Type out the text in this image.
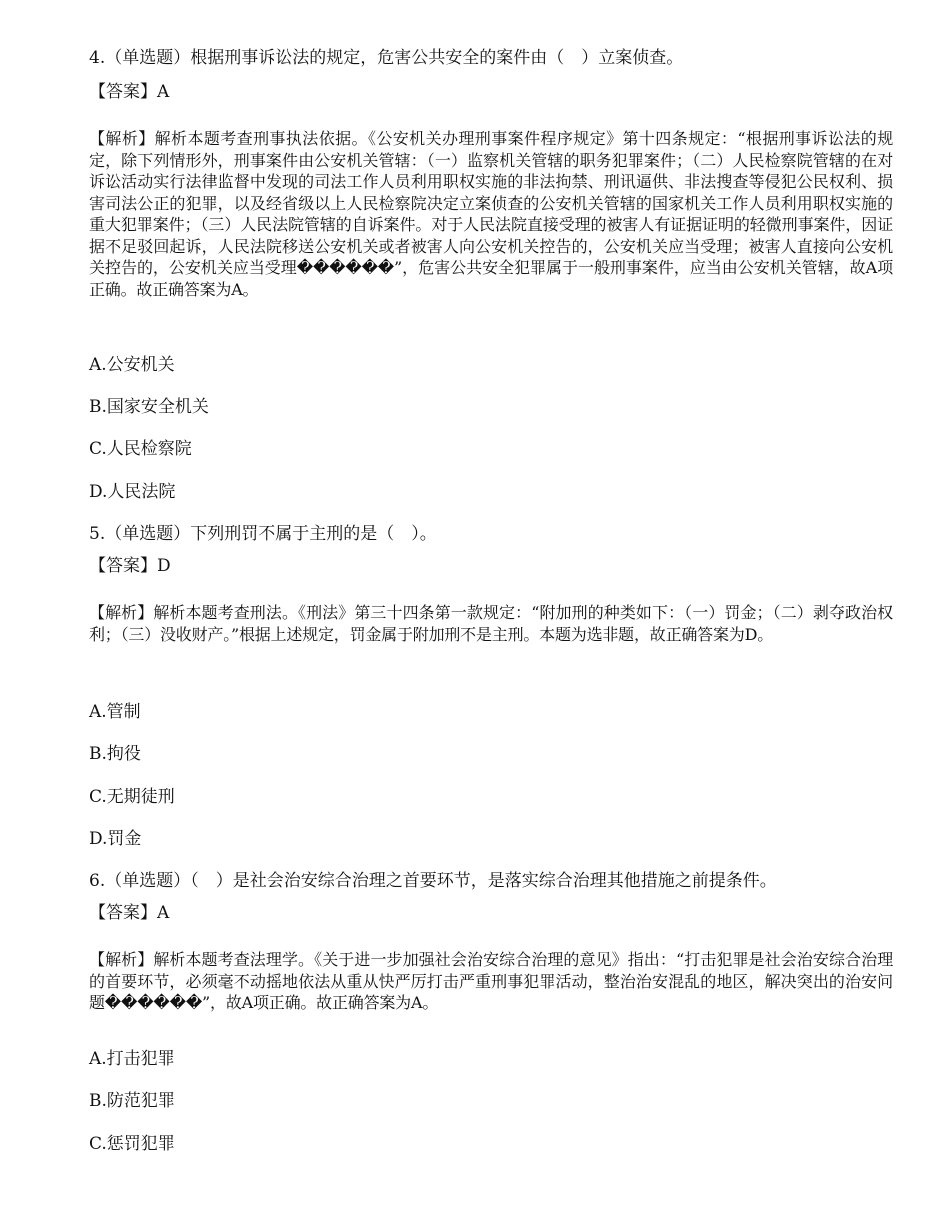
4.（单选题）根据刑事诉讼法的规定，危害公共安全的案件由（　）立案侦查。
【答案】A
【解析】解析本题考查刑事执法依据。《公安机关办理刑事案件程序规定》第十四条规定：“根据刑事诉讼法的规定，除下列情形外，刑事案件由公安机关管辖：（一）监察机关管辖的职务犯罪案件；（二）人民检察院管辖的在对诉讼活动实行法律监督中发现的司法工作人员利用职权实施的非法拘禁、刑讯逼供、非法搜查等侵犯公民权利、损害司法公正的犯罪，以及经省级以上人民检察院决定立案侦查的公安机关管辖的国家机关工作人员利用职权实施的重大犯罪案件；（三）人民法院管辖的自诉案件。对于人民法院直接受理的被害人有证据证明的轻微刑事案件，因证据不足驳回起诉，人民法院移送公安机关或者被害人向公安机关控告的，公安机关应当受理；被害人直接向公安机关控告的，公安机关应当受理������”，危害公共安全犯罪属于一般刑事案件，应当由公安机关管辖，故A项正确。故正确答案为A。
A.公安机关
B.国家安全机关
C.人民检察院
D.人民法院
5.（单选题）下列刑罚不属于主刑的是（　）。
【答案】D
【解析】解析本题考查刑法。《刑法》第三十四条第一款规定：“附加刑的种类如下：（一）罚金；（二）剥夺政治权利；（三）没收财产。”根据上述规定，罚金属于附加刑不是主刑。本题为选非题，故正确答案为D。
A.管制
B.拘役
C.无期徒刑
D.罚金
6.（单选题）（　）是社会治安综合治理之首要环节，是落实综合治理其他措施之前提条件。
【答案】A
【解析】解析本题考查法理学。《关于进一步加强社会治安综合治理的意见》指出：“打击犯罪是社会治安综合治理的首要环节，必须毫不动摇地依法从重从快严厉打击严重刑事犯罪活动，整治治安混乱的地区，解决突出的治安问题������”，故A项正确。故正确答案为A。
A.打击犯罪
B.防范犯罪
C.惩罚犯罪
